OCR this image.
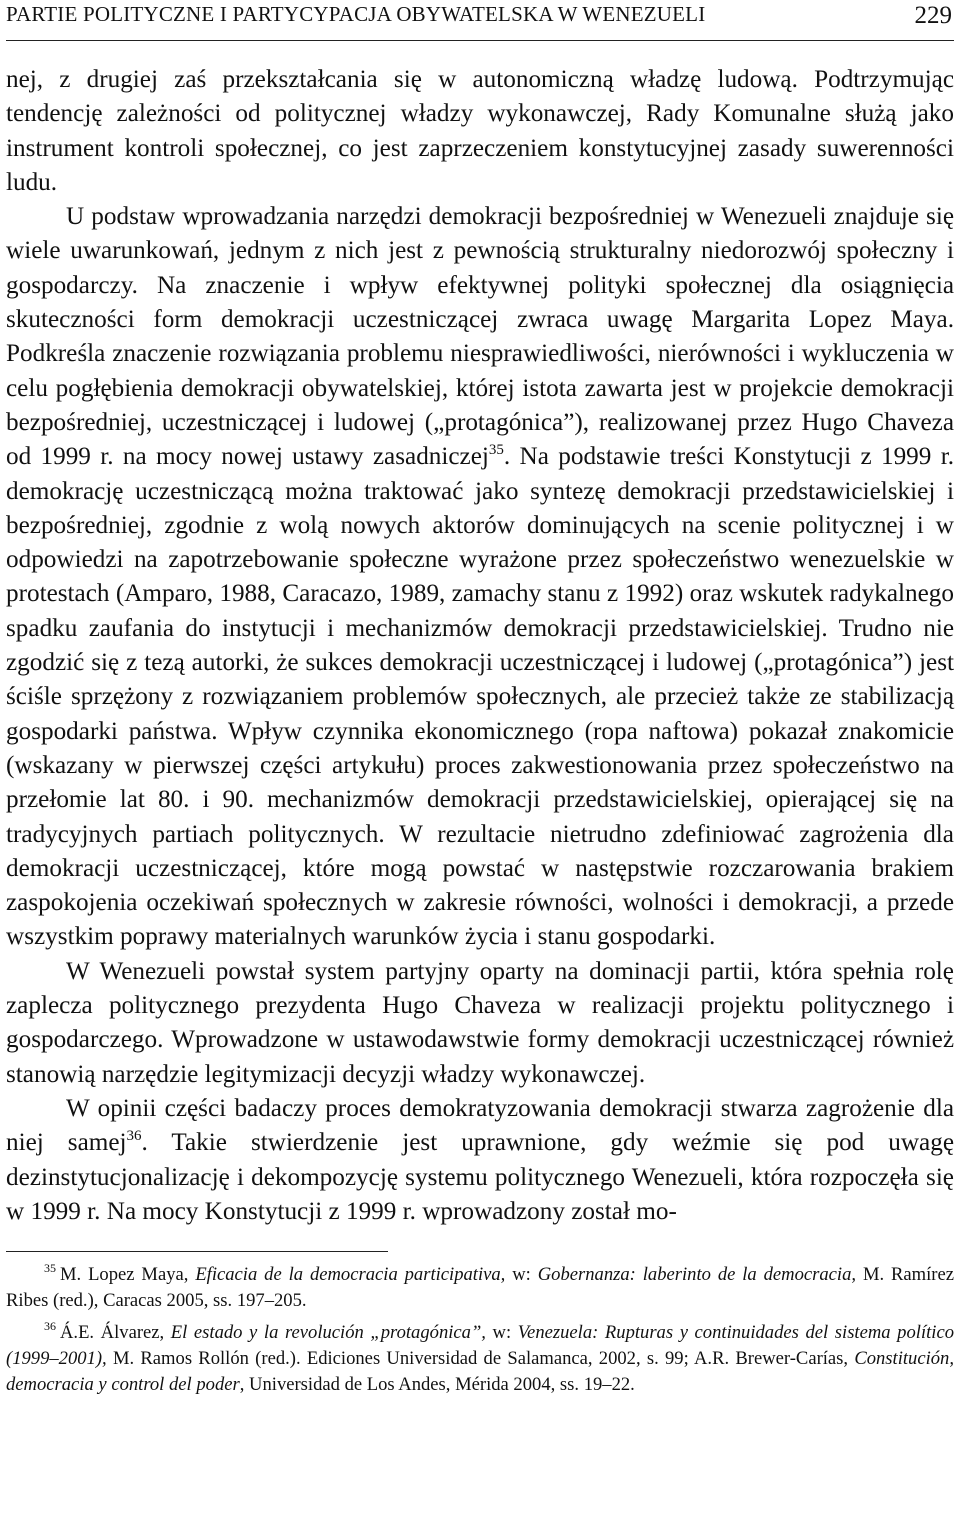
PARTIE POLITYCZNE I PARTYCYPACJA OBYWATELSKA W WENEZUELI	229

nej, z drugiej zaś przekształcania się w autonomiczną władzę ludową. Podtrzymując tendencję zależności od politycznej władzy wykonawczej, Rady Komunalne służą jako instrument kontroli społecznej, co jest zaprzeczeniem konstytucyjnej zasady suwerenności ludu.

U podstaw wprowadzania narzędzi demokracji bezpośredniej w Wenezueli znajduje się wiele uwarunkowań, jednym z nich jest z pewnością strukturalny niedorozwój społeczny i gospodarczy. Na znaczenie i wpływ efektywnej polityki społecznej dla osiągnięcia skuteczności form demokracji uczestniczącej zwraca uwagę Margarita Lopez Maya. Podkreśla znaczenie rozwiązania problemu niesprawiedliwości, nierówności i wykluczenia w celu pogłębienia demokracji obywatelskiej, której istota zawarta jest w projekcie demokracji bezpośredniej, uczestniczącej i ludowej („protagónica”), realizowanej przez Hugo Chaveza od 1999 r. na mocy nowej ustawy zasadniczej$^{35}$. Na podstawie treści Konstytucji z 1999 r. demokrację uczestniczącą można traktować jako syntezę demokracji przedstawicielskiej i bezpośredniej, zgodnie z wolą nowych aktorów dominujących na scenie politycznej i w odpowiedzi na zapotrzebowanie społeczne wyrażone przez społeczeństwo wenezuelskie w protestach (Amparo, 1988, Caracazo, 1989, zamachy stanu z 1992) oraz wskutek radykalnego spadku zaufania do instytucji i mechanizmów demokracji przedstawicielskiej. Trudno nie zgodzić się z tezą autorki, że sukces demokracji uczestniczącej i ludowej („protagónica”) jest ściśle sprzężony z rozwiązaniem problemów społecznych, ale przecież także ze stabilizacją gospodarki państwa. Wpływ czynnika ekonomicznego (ropa naftowa) pokazał znakomicie (wskazany w pierwszej części artykułu) proces zakwestionowania przez społeczeństwo na przełomie lat 80. i 90. mechanizmów demokracji przedstawicielskiej, opierającej się na tradycyjnych partiach politycznych. W rezultacie nietrudno zdefiniować zagrożenia dla demokracji uczestniczącej, które mogą powstać w następstwie rozczarowania brakiem zaspokojenia oczekiwań społecznych w zakresie równości, wolności i demokracji, a przede wszystkim poprawy materialnych warunków życia i stanu gospodarki.

W Wenezueli powstał system partyjny oparty na dominacji partii, która spełnia rolę zaplecza politycznego prezydenta Hugo Chaveza w realizacji projektu politycznego i gospodarczego. Wprowadzone w ustawodawstwie formy demokracji uczestniczącej również stanowią narzędzie legitymizacji decyzji władzy wykonawczej.

W opinii części badaczy proces demokratyzowania demokracji stwarza zagrożenie dla niej samej$^{36}$. Takie stwierdzenie jest uprawnione, gdy weźmie się pod uwagę dezinstytucjonalizację i dekompozycję systemu politycznego Wenezueli, która rozpoczęła się w 1999 r. Na mocy Konstytucji z 1999 r. wprowadzony został mo-

$^{35}$ M. Lopez Maya, Eficacia de la democracia participativa, w: Gobernanza: laberinto de la democracia, M. Ramírez Ribes (red.), Caracas 2005, ss. 197–205.

$^{36}$ Á.E. Álvarez, El estado y la revolución „protagónica”, w: Venezuela: Rupturas y continuidades del sistema político (1999–2001), M. Ramos Rollón (red.). Ediciones Universidad de Salamanca, 2002, s. 99; A.R. Brewer-Carías, Constitución, democracia y control del poder, Universidad de Los Andes, Mérida 2004, ss. 19–22.
